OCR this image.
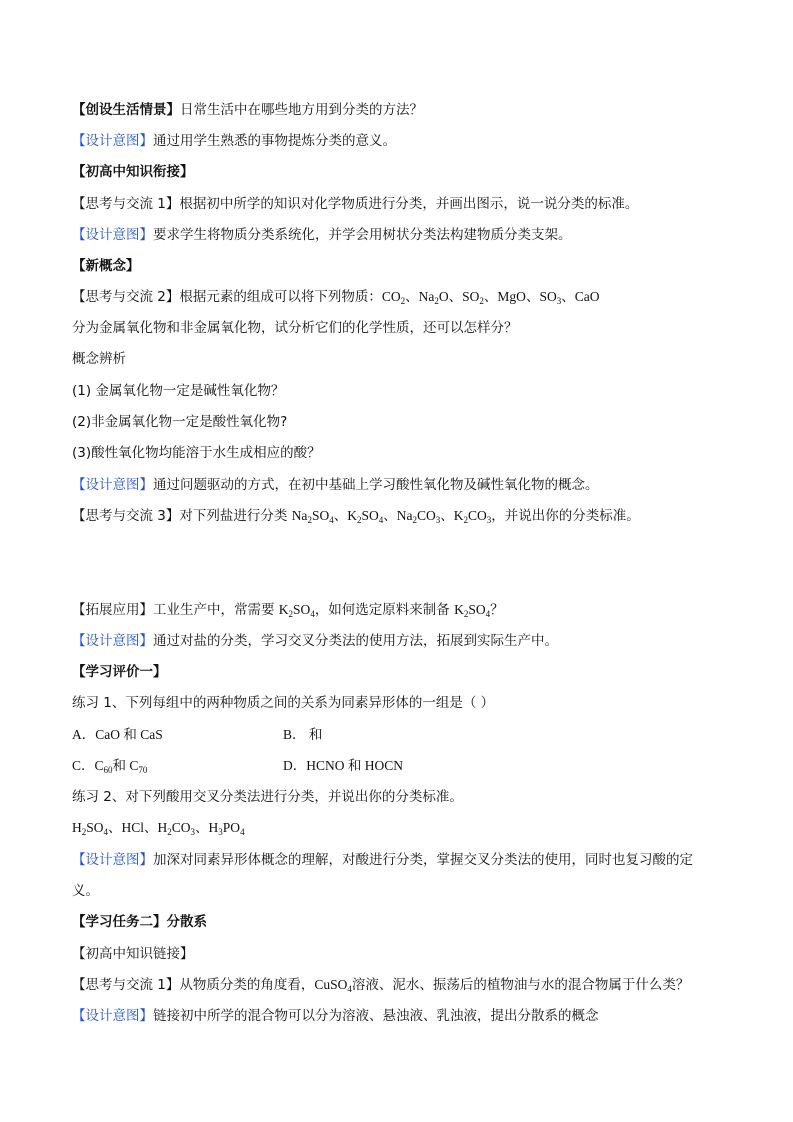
【创设生活情景】日常生活中在哪些地方用到分类的方法？
【设计意图】通过用学生熟悉的事物提炼分类的意义。
【初高中知识衔接】
【思考与交流 1】根据初中所学的知识对化学物质进行分类，并画出图示，说一说分类的标准。
【设计意图】要求学生将物质分类系统化，并学会用树状分类法构建物质分类支架。
【新概念】
【思考与交流 2】根据元素的组成可以将下列物质：$CO_2$、$Na_2O$、$SO_2$、MgO、$SO_3$、CaO
分为金属氧化物和非金属氧化物，试分析它们的化学性质，还可以怎样分？
概念辨析
(1) 金属氧化物一定是碱性氧化物？
(2)非金属氧化物一定是酸性氧化物?
(3)酸性氧化物均能溶于水生成相应的酸？
【设计意图】通过问题驱动的方式，在初中基础上学习酸性氧化物及碱性氧化物的概念。
【思考与交流 3】对下列盐进行分类 $Na_2SO_4$、$K_2SO_4$、$Na_2CO_3$、$K_2CO_3$，并说出你的分类标准。
【拓展应用】工业生产中，常需要 $K_2SO_4$，如何选定原料来制备 $K_2SO_4$？
【设计意图】通过对盐的分类，学习交叉分类法的使用方法，拓展到实际生产中。
【学习评价一】
练习 1、下列每组中的两种物质之间的关系为同素异形体的一组是（ ）
A．CaO 和 CaS	B． 和
C．$C_{60}$和 $C_{70}$	D．HCNO 和 HOCN
练习 2、对下列酸用交叉分类法进行分类，并说出你的分类标准。
$H_2SO_4$、HCl、$H_2CO_3$、$H_3PO_4$
【设计意图】加深对同素异形体概念的理解，对酸进行分类，掌握交叉分类法的使用，同时也复习酸的定
义。
【学习任务二】分散系
【初高中知识链接】
【思考与交流 1】从物质分类的角度看，CuSO$_4$溶液、泥水、振荡后的植物油与水的混合物属于什么类？
【设计意图】链接初中所学的混合物可以分为溶液、悬浊液、乳浊液，提出分散系的概念
